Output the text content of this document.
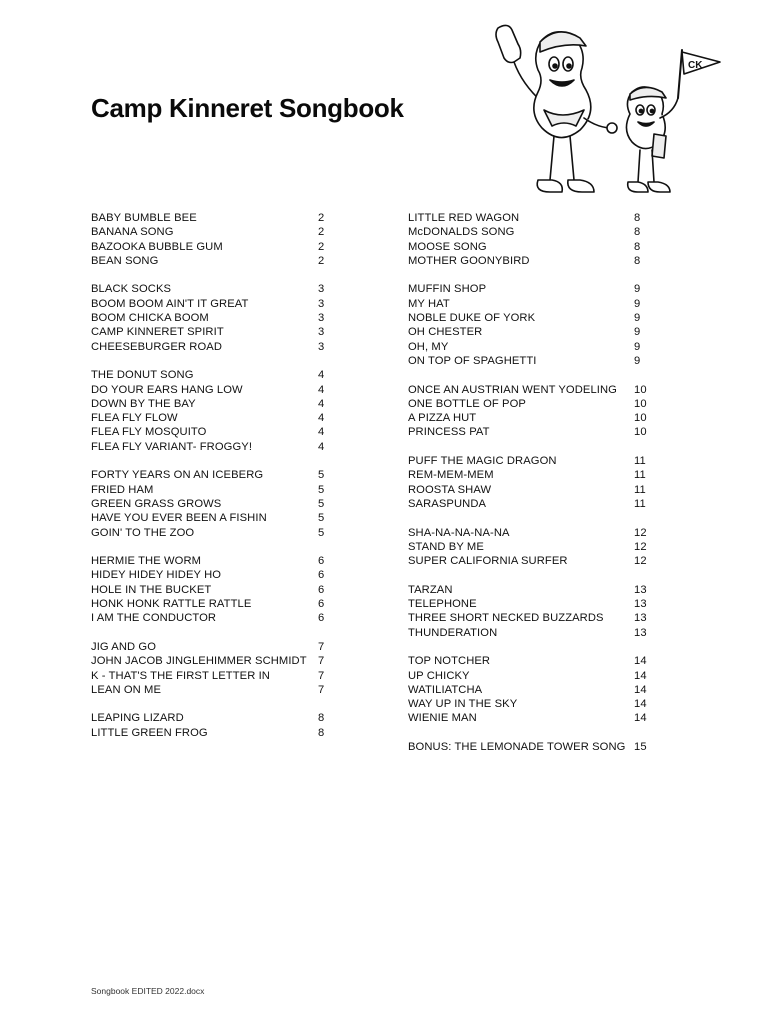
Camp Kinneret Songbook
CK
BABY BUMBLE BEE	2
BANANA SONG	2
BAZOOKA BUBBLE GUM	2
BEAN SONG	2
BLACK SOCKS	3
BOOM BOOM AIN'T IT GREAT	3
BOOM CHICKA BOOM	3
CAMP KINNERET SPIRIT	3
CHEESEBURGER ROAD	3
THE DONUT SONG	4
DO YOUR EARS HANG LOW	4
DOWN BY THE BAY	4
FLEA FLY FLOW	4
FLEA FLY MOSQUITO	4
FLEA FLY VARIANT- FROGGY!	4
FORTY YEARS ON AN ICEBERG	5
FRIED HAM	5
GREEN GRASS GROWS	5
HAVE YOU EVER BEEN A FISHIN	5
GOIN' TO THE ZOO	5
HERMIE THE WORM	6
HIDEY HIDEY HIDEY HO	6
HOLE IN THE BUCKET	6
HONK HONK RATTLE RATTLE	6
I AM THE CONDUCTOR	6
JIG AND GO	7
JOHN JACOB JINGLEHIMMER SCHMIDT 7
K - THAT'S THE FIRST LETTER IN	7
LEAN ON ME	7
LEAPING LIZARD	8
LITTLE GREEN FROG	8
LITTLE RED WAGON	8
McDONALDS SONG	8
MOOSE SONG	8
MOTHER GOONYBIRD	8
MUFFIN SHOP	9
MY HAT	9
NOBLE DUKE OF YORK	9
OH CHESTER	9
OH, MY	9
ON TOP OF SPAGHETTI	9
ONCE AN AUSTRIAN WENT YODELING 10
ONE BOTTLE OF POP	10
A PIZZA HUT	10
PRINCESS PAT	10
PUFF THE MAGIC DRAGON	11
REM-MEM-MEM	11
ROOSTA SHAW	11
SARASPUNDA	11
SHA-NA-NA-NA-NA	12
STAND BY ME	12
SUPER CALIFORNIA SURFER	12
TARZAN	13
TELEPHONE	13
THREE SHORT NECKED BUZZARDS	13
THUNDERATION	13
TOP NOTCHER	14
UP CHICKY	14
WATILIATCHA	14
WAY UP IN THE SKY	14
WIENIE MAN	14
BONUS: THE LEMONADE TOWER SONG 15
Songbook EDITED 2022.docx
